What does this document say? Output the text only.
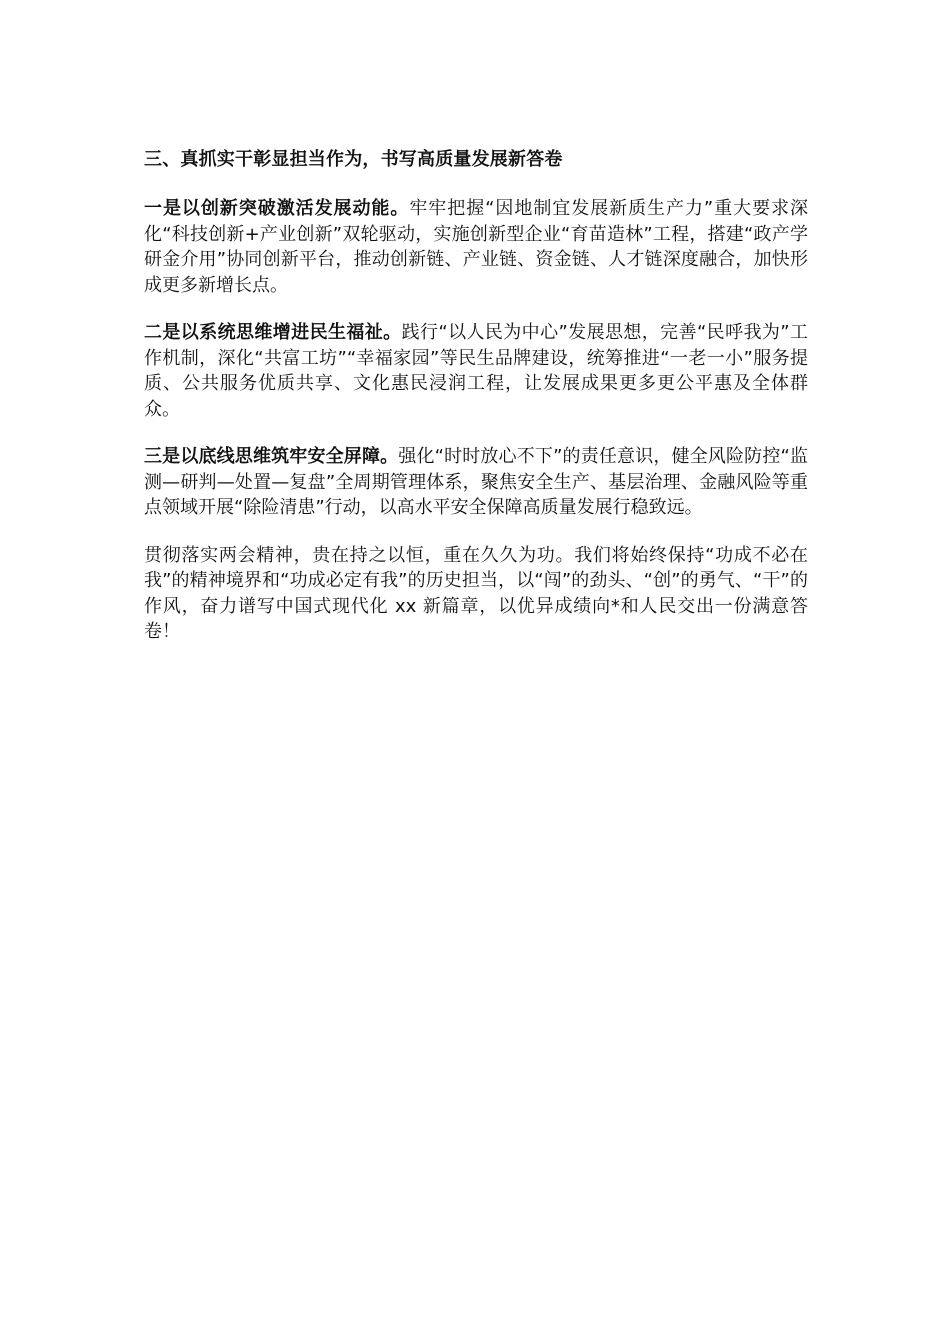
三、真抓实干彰显担当作为，书写高质量发展新答卷

一是以创新突破激活发展动能。牢牢把握“因地制宜发展新质生产力”重大要求深化“科技创新+产业创新”双轮驱动，实施创新型企业“育苗造林”工程，搭建“政产学研金介用”协同创新平台，推动创新链、产业链、资金链、人才链深度融合，加快形成更多新增长点。

二是以系统思维增进民生福祉。践行“以人民为中心”发展思想，完善“民呼我为”工作机制，深化“共富工坊”“幸福家园”等民生品牌建设，统筹推进“一老一小”服务提质、公共服务优质共享、文化惠民浸润工程，让发展成果更多更公平惠及全体群众。

三是以底线思维筑牢安全屏障。强化“时时放心不下”的责任意识，健全风险防控“监测—研判—处置—复盘”全周期管理体系，聚焦安全生产、基层治理、金融风险等重点领域开展“除险清患”行动，以高水平安全保障高质量发展行稳致远。

贯彻落实两会精神，贵在持之以恒，重在久久为功。我们将始终保持“功成不必在我”的精神境界和“功成必定有我”的历史担当，以“闯”的劲头、“创”的勇气、“干”的作风，奋力谱写中国式现代化 xx 新篇章，以优异成绩向*和人民交出一份满意答卷！
